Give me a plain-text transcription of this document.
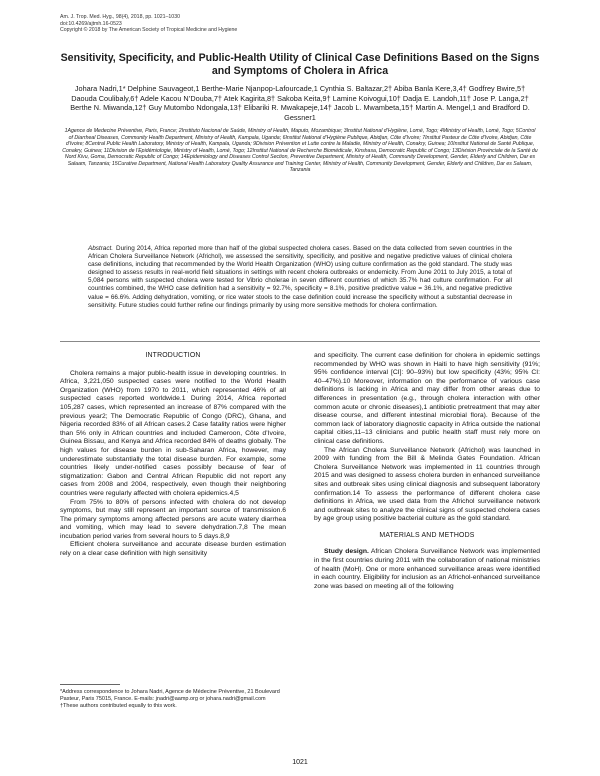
Am. J. Trop. Med. Hyg., 98(4), 2018, pp. 1021–1030
doi:10.4269/ajtmh.16-0523
Copyright © 2018 by The American Society of Tropical Medicine and Hygiene
Sensitivity, Specificity, and Public-Health Utility of Clinical Case Definitions Based on the Signs and Symptoms of Cholera in Africa
Johara Nadri,1* Delphine Sauvageot,1 Berthe-Marie Njanpop-Lafourcade,1 Cynthia S. Baltazar,2† Abiba Banla Kere,3,4† Godfrey Bwire,5† Daouda Coulibaly,6† Adele Kacou N’Douba,7† Atek Kagirita,8† Sakoba Keita,9† Lamine Koivogui,10† Dadja E. Landoh,11† Jose P. Langa,2† Berthe N. Miwanda,12† Guy Mutombo Ndongala,13† Elibariki R. Mwakapeje,14† Jacob L. Mwambeta,15† Martin A. Mengel,1 and Bradford D. Gessner1
1Agence de Medecine Préventive, Paris, France; 2Instituto Nacional de Saúde, Ministry of Health, Maputo, Mozambique; 3Institut National d’Hygiène, Lomé, Togo; 4Ministry of Health, Lomé, Togo; 5Control of Diarrheal Diseases, Community Health Department, Ministry of Health, Kampala, Uganda; 6Institut National d’Hygiène Publique, Abidjan, Côte d’Ivoire; 7Institut Pasteur de Côte d’Ivoire, Abidjan, Côte d’Ivoire; 8Central Public Health Laboratory, Ministry of Health, Kampala, Uganda; 9Division Prévention et Lutte contre la Maladie, Ministry of Health, Conakry, Guinea; 10Institut National de Santé Publique, Conakry, Guinea; 11Division de l’Epidémiologie, Ministry of Health, Lomé, Togo; 12Institut National de Recherche Biomédicale, Kinshasa, Democratic Republic of Congo; 13Division Provinciale de la Santé du Nord Kivu, Goma, Democratic Republic of Congo; 14Epidemiology and Diseases Control Section, Preventive Department, Ministry of Health, Community Development, Gender, Elderly and Children, Dar es Salaam, Tanzania; 15Curative Department, National Health Laboratory Quality Assurance and Training Center, Ministry of Health, Community Development, Gender, Elderly and Children, Dar es Salaam, Tanzania
Abstract. During 2014, Africa reported more than half of the global suspected cholera cases. Based on the data collected from seven countries in the African Cholera Surveillance Network (Africhol), we assessed the sensitivity, specificity, and positive and negative predictive values of clinical cholera case definitions, including that recommended by the World Health Organization (WHO) using culture confirmation as the gold standard. The study was designed to assess results in real-world field situations in settings with recent cholera outbreaks or endemicity. From June 2011 to July 2015, a total of 5,084 persons with suspected cholera were tested for Vibrio cholerae in seven different countries of which 35.7% had culture confirmation. For all countries combined, the WHO case definition had a sensitivity = 92.7%, specificity = 8.1%, positive predictive value = 36.1%, and negative predictive value = 66.6%. Adding dehydration, vomiting, or rice water stools to the case definition could increase the specificity without a substantial decrease in sensitivity. Future studies could further refine our findings primarily by using more sensitive methods for cholera confirmation.
INTRODUCTION

Cholera remains a major public-health issue in developing countries. In Africa, 3,221,050 suspected cases were notified to the World Health Organization (WHO) from 1970 to 2011, which represented 46% of all suspected cases reported worldwide.1 During 2014, Africa reported 105,287 cases, which represented an increase of 87% compared with the previous year2; The Democratic Republic of Congo (DRC), Ghana, and Nigeria recorded 83% of all African cases.2 Case fatality ratios were higher than 5% only in African countries and included Cameroon, Côte d’Ivoire, Guinea Bissau, and Kenya and Africa recorded 84% of deaths globally. The high values for disease burden in sub-Saharan Africa, however, may underestimate substantially the total disease burden. For example, some countries likely under-notified cases possibly because of fear of stigmatization: Gabon and Central African Republic did not report any cases from 2008 and 2004, respectively, even though their neighboring countries were regularly affected with cholera epidemics.4,5

From 75% to 80% of persons infected with cholera do not develop symptoms, but may still represent an important source of transmission.6 The primary symptoms among affected persons are acute watery diarrhea and vomiting, which may lead to severe dehydration.7,8 The mean incubation period varies from several hours to 5 days.8,9

Efficient cholera surveillance and accurate disease burden estimation rely on a clear case definition with high sensitivity

and specificity. The current case definition for cholera in epidemic settings recommended by WHO was shown in Haiti to have high sensitivity (91%; 95% confidence interval [CI]: 90–93%) but low specificity (43%; 95% CI: 40–47%).10 Moreover, information on the performance of various case definitions is lacking in Africa and may differ from other areas due to differences in presentation (e.g., through cholera interaction with other common acute or chronic diseases),1 antibiotic pretreatment that may alter disease course, and different intestinal microbial flora). Because of the common lack of laboratory diagnostic capacity in Africa outside the national capital cities,11–13 clinicians and public health staff must rely more on clinical case definitions.

The African Cholera Surveillance Network (Africhol) was launched in 2009 with funding from the Bill & Melinda Gates Foundation. African Cholera Surveillance Network was implemented in 11 countries through 2015 and was designed to assess cholera burden in enhanced surveillance sites and outbreak sites using clinical diagnosis and subsequent laboratory confirmation.14 To assess the performance of different cholera case definitions in Africa, we used data from the Africhol surveillance network and outbreak sites to analyze the clinical signs of suspected cholera cases by age group using positive bacterial culture as the gold standard.

MATERIALS AND METHODS

Study design. African Cholera Surveillance Network was implemented in the first countries during 2011 with the collaboration of national ministries of health (MoH). One or more enhanced surveillance areas were identified in each country. Eligibility for inclusion as an Africhol-enhanced surveillance zone was based on meeting all of the following

*Address correspondence to Johara Nadri, Agence de Médecine Préventive, 21 Boulevard Pasteur, Paris 75015, France. E-mails: jnadri@aamp.org or johara.nadri@gmail.com
†These authors contributed equally to this work.
1021
